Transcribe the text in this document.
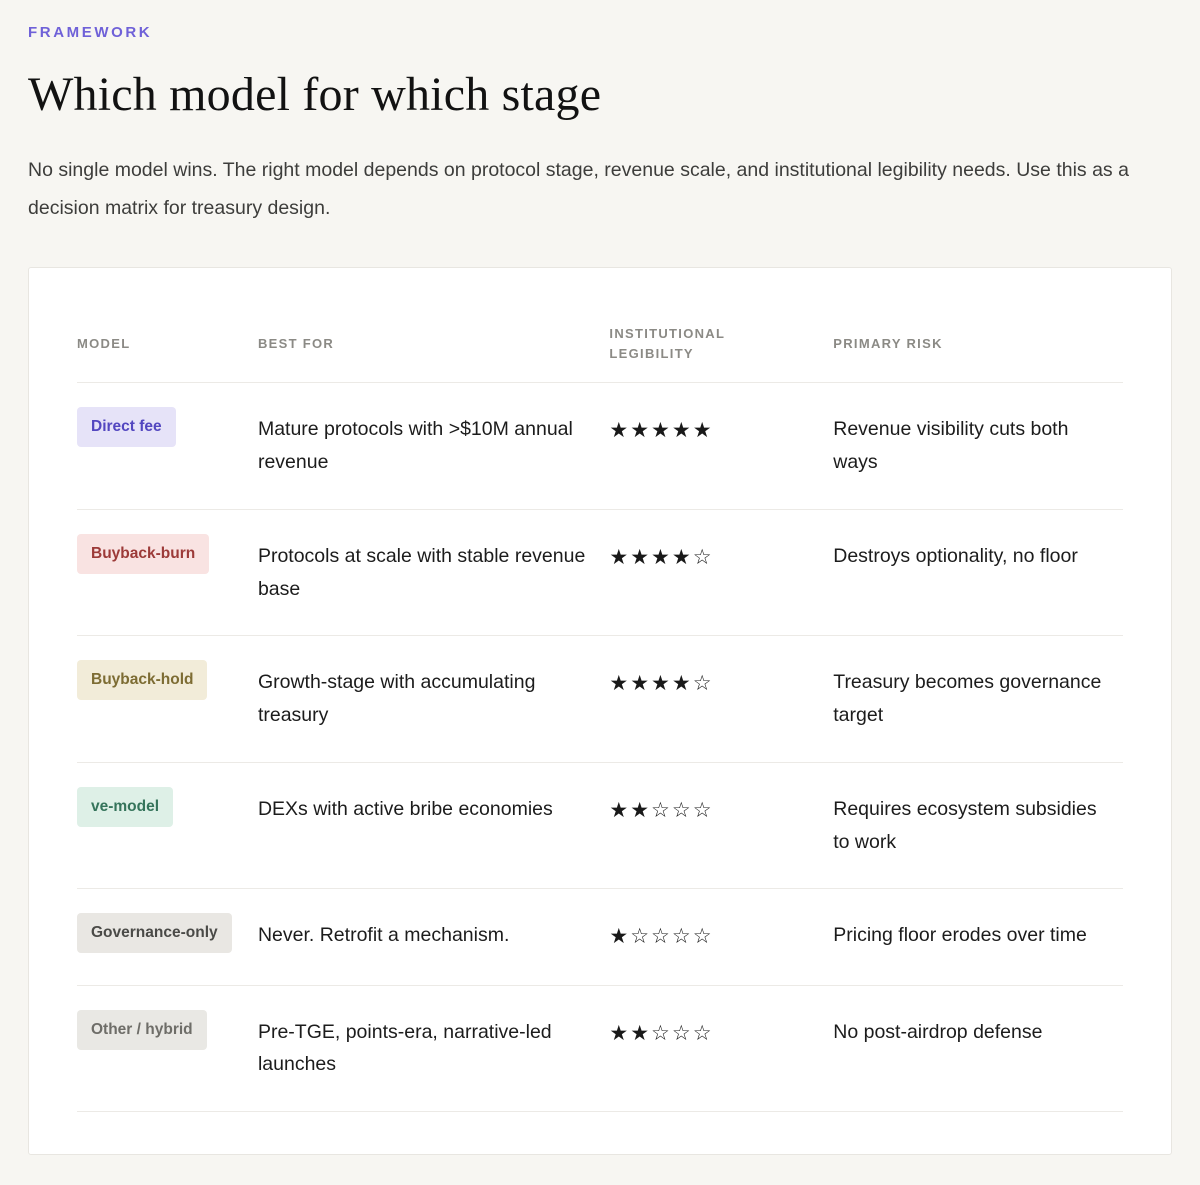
FRAMEWORK
Which model for which stage

No single model wins. The right model depends on protocol stage, revenue scale, and institutional legibility needs. Use this as a decision matrix for treasury design.

MODEL	BEST FOR	INSTITUTIONAL LEGIBILITY	PRIMARY RISK
Direct fee	Mature protocols with >$10M annual revenue	★★★★★	Revenue visibility cuts both ways
Buyback-burn	Protocols at scale with stable revenue base	★★★★☆	Destroys optionality, no floor
Buyback-hold	Growth-stage with accumulating treasury	★★★★☆	Treasury becomes governance target
ve-model	DEXs with active bribe economies	★★☆☆☆	Requires ecosystem subsidies to work
Governance-only	Never. Retrofit a mechanism.	★☆☆☆☆	Pricing floor erodes over time
Other / hybrid	Pre-TGE, points-era, narrative-led launches	★★☆☆☆	No post-airdrop defense
